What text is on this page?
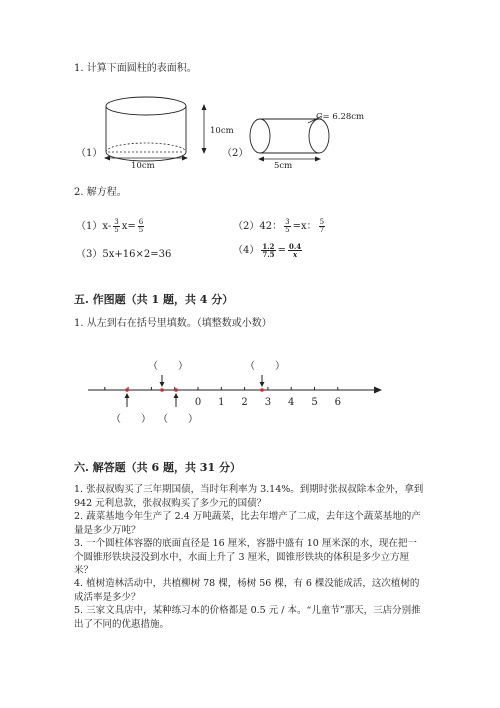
1. 计算下面圆柱的表面积。
（1）
10cm
10cm
（2）
C= 6.28cm
5cm
2. 解方程。
（1） $x- \frac{3}{5} x= \frac{6}{5}$	（2） 42： $\frac{3}{5} =x$： $\frac{5}{7}$
（3）5x+16×2=36	$(4) \frac{1.2}{7.5} = \frac{0.4}{x}$
五. 作图题（共 1 题，共 4 分）
1. 从左到右在括号里填数。（填整数或小数）
0 1 2 3 4 5 6
（　　）	（　　）
（　　） （　　）
六. 解答题（共 6 题，共 31 分）
1. 张叔叔购买了三年期国债，当时年利率为 3.14%。到期时张叔叔除本金外，拿到 942 元利息款，张叔叔购买了多少元的国债？
2. 蔬菜基地今年生产了 2.4 万吨蔬菜，比去年增产了二成，去年这个蔬菜基地的产量是多少万吨？
3. 一个圆柱体容器的底面直径是 16 厘米，容器中盛有 10 厘米深的水，现在把一个圆锥形铁块浸没到水中，水面上升了 3 厘米，圆锥形铁块的体积是多少立方厘米？
4. 植树造林活动中，共植柳树 78 棵，杨树 56 棵，有 6 棵没能成活，这次植树的成活率是多少？
5. 三家文具店中，某种练习本的价格都是 0.5 元 / 本。“儿童节”那天，三店分别推出了不同的优惠措施。
